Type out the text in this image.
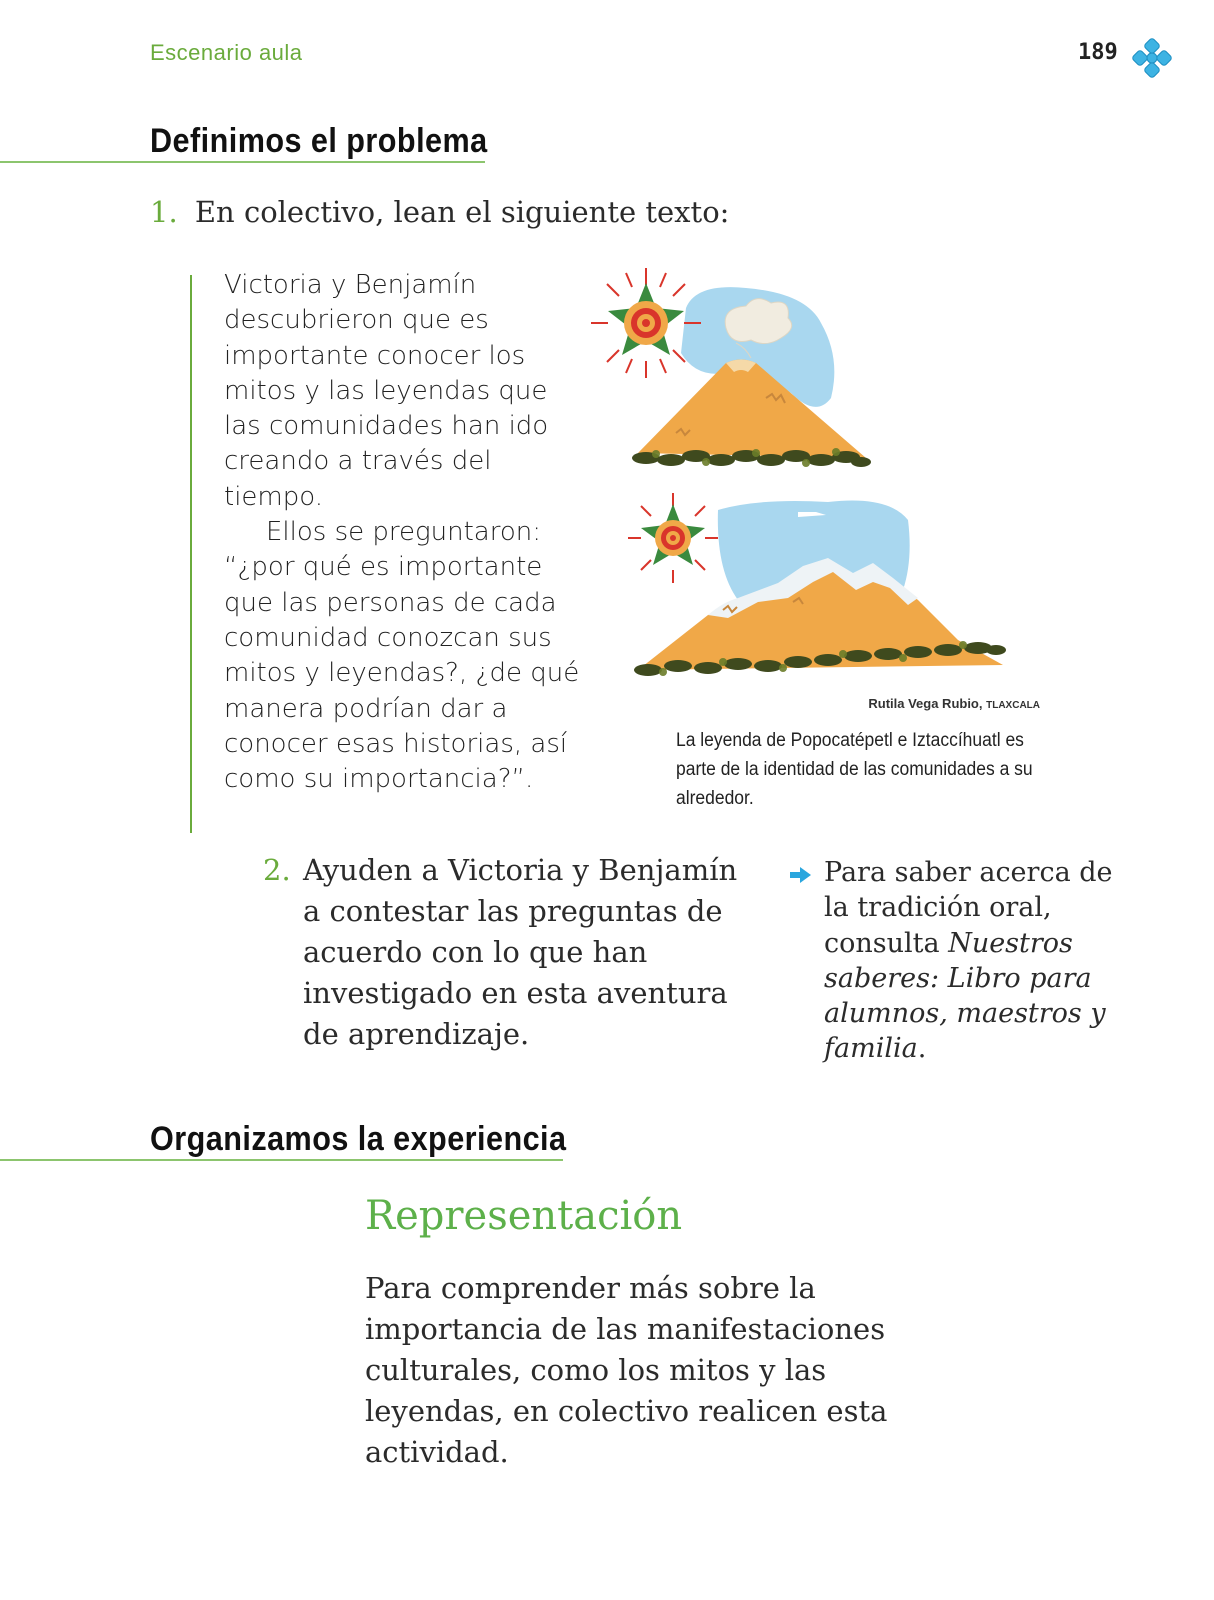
Escenario aula	189
Definimos el problema
1. En colectivo, lean el siguiente texto:

Victoria y Benjamín descubrieron que es importante conocer los mitos y las leyendas que las comunidades han ido creando a través del tiempo.

Ellos se preguntaron: “¿por qué es importante que las personas de cada comunidad conozcan sus mitos y leyendas?, ¿de qué manera podrían dar a conocer esas historias, así como su importancia?”.

Rutila Vega Rubio, TLAXCALA
La leyenda de Popocatépetl e Iztaccíhuatl es parte de la identidad de las comunidades a su alrededor.
2. Ayuden a Victoria y Benjamín a contestar las preguntas de acuerdo con lo que han investigado en esta aventura de aprendizaje.
Para saber acerca de la tradición oral, consulta Nuestros saberes: Libro para alumnos, maestros y familia.
Organizamos la experiencia
Representación
Para comprender más sobre la importancia de las manifestaciones culturales, como los mitos y las leyendas, en colectivo realicen esta actividad.
